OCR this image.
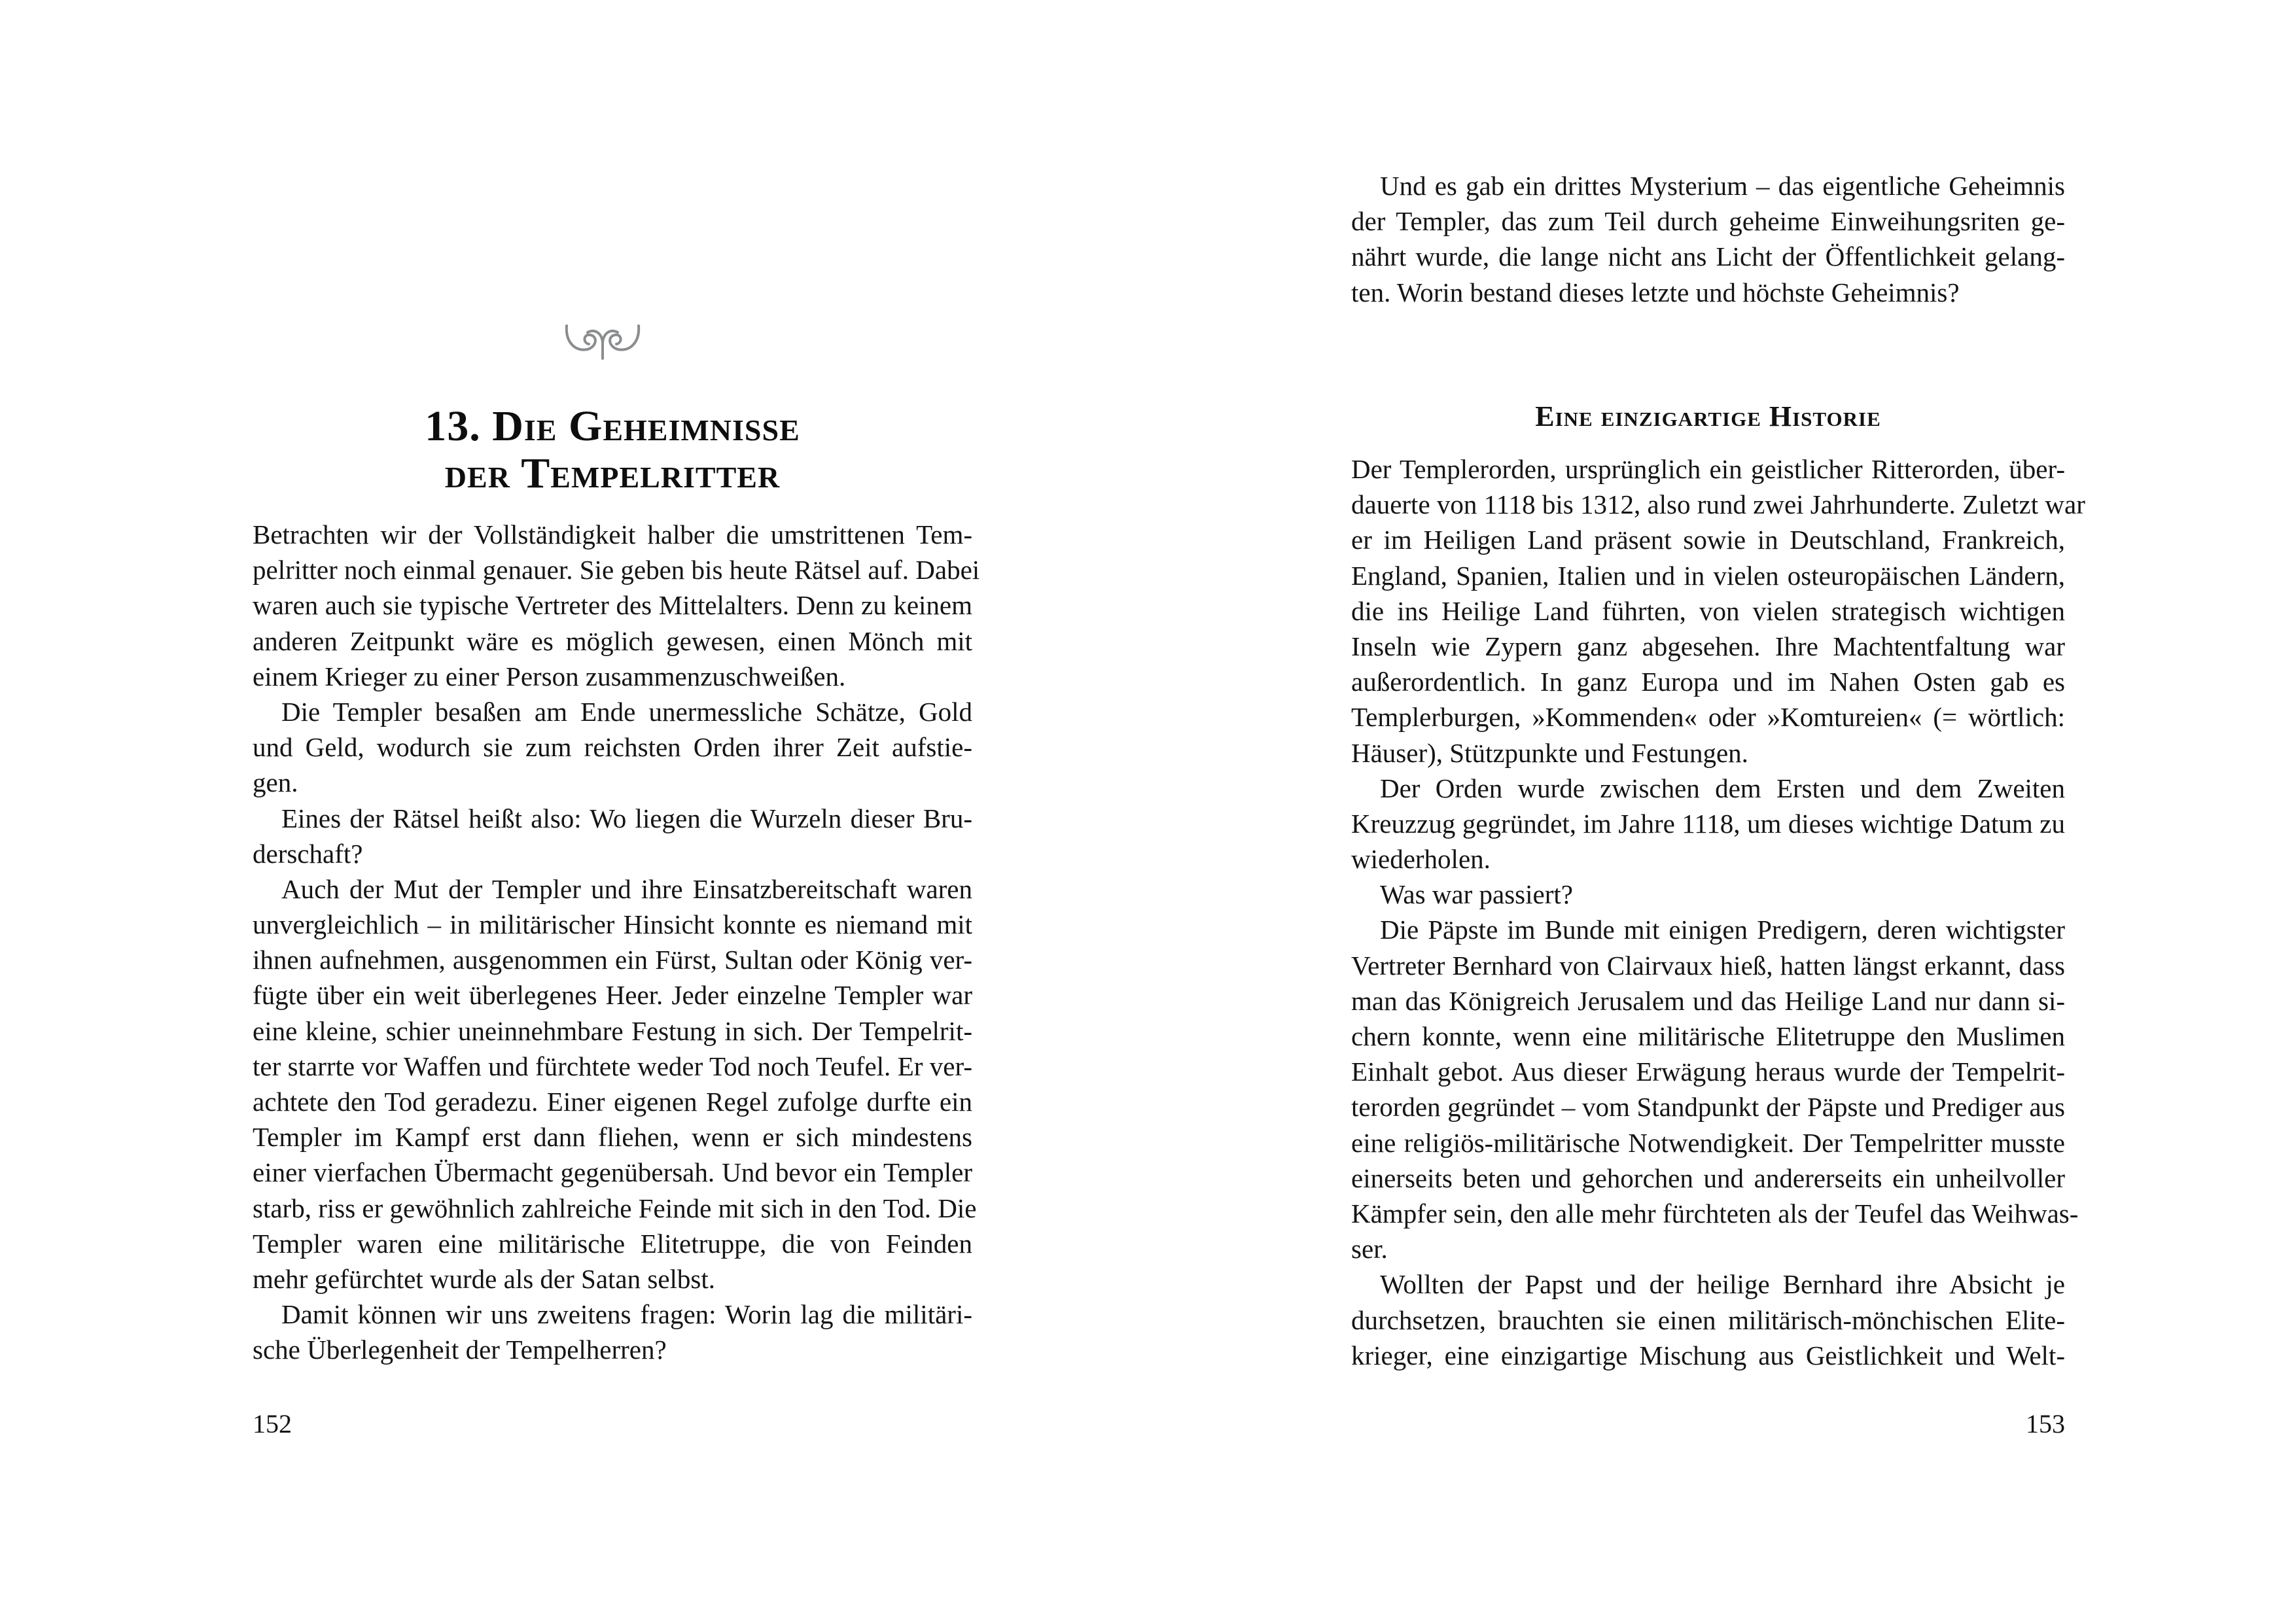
13. Die Geheimnisse
der Tempelritter
Betrachten wir der Vollständigkeit halber die umstrittenen Tem-
pelritter noch einmal genauer. Sie geben bis heute Rätsel auf. Dabei
waren auch sie typische Vertreter des Mittelalters. Denn zu keinem
anderen Zeitpunkt wäre es möglich gewesen, einen Mönch mit
einem Krieger zu einer Person zusammenzuschweißen.
Die Templer besaßen am Ende unermessliche Schätze, Gold
und Geld, wodurch sie zum reichsten Orden ihrer Zeit aufstie-
gen.
Eines der Rätsel heißt also: Wo liegen die Wurzeln dieser Bru-
derschaft?
Auch der Mut der Templer und ihre Einsatzbereitschaft waren
unvergleichlich – in militärischer Hinsicht konnte es niemand mit
ihnen aufnehmen, ausgenommen ein Fürst, Sultan oder König ver-
fügte über ein weit überlegenes Heer. Jeder einzelne Templer war
eine kleine, schier uneinnehmbare Festung in sich. Der Tempelrit-
ter starrte vor Waffen und fürchtete weder Tod noch Teufel. Er ver-
achtete den Tod geradezu. Einer eigenen Regel zufolge durfte ein
Templer im Kampf erst dann fliehen, wenn er sich mindestens
einer vierfachen Übermacht gegenübersah. Und bevor ein Templer
starb, riss er gewöhnlich zahlreiche Feinde mit sich in den Tod. Die
Templer waren eine militärische Elitetruppe, die von Feinden
mehr gefürchtet wurde als der Satan selbst.
Damit können wir uns zweitens fragen: Worin lag die militäri-
sche Überlegenheit der Tempelherren?
152
Und es gab ein drittes Mysterium – das eigentliche Geheimnis
der Templer, das zum Teil durch geheime Einweihungsriten ge-
nährt wurde, die lange nicht ans Licht der Öffentlichkeit gelang-
ten. Worin bestand dieses letzte und höchste Geheimnis?
Eine einzigartige Historie
Der Templerorden, ursprünglich ein geistlicher Ritterorden, über-
dauerte von 1118 bis 1312, also rund zwei Jahrhunderte. Zuletzt war
er im Heiligen Land präsent sowie in Deutschland, Frankreich,
England, Spanien, Italien und in vielen osteuropäischen Ländern,
die ins Heilige Land führten, von vielen strategisch wichtigen
Inseln wie Zypern ganz abgesehen. Ihre Machtentfaltung war
außerordentlich. In ganz Europa und im Nahen Osten gab es
Templerburgen, »Kommenden« oder »Komtureien« (= wörtlich:
Häuser), Stützpunkte und Festungen.
Der Orden wurde zwischen dem Ersten und dem Zweiten
Kreuzzug gegründet, im Jahre 1118, um dieses wichtige Datum zu
wiederholen.
Was war passiert?
Die Päpste im Bunde mit einigen Predigern, deren wichtigster
Vertreter Bernhard von Clairvaux hieß, hatten längst erkannt, dass
man das Königreich Jerusalem und das Heilige Land nur dann si-
chern konnte, wenn eine militärische Elitetruppe den Muslimen
Einhalt gebot. Aus dieser Erwägung heraus wurde der Tempelrit-
terorden gegründet – vom Standpunkt der Päpste und Prediger aus
eine religiös-militärische Notwendigkeit. Der Tempelritter musste
einerseits beten und gehorchen und andererseits ein unheilvoller
Kämpfer sein, den alle mehr fürchteten als der Teufel das Weihwas-
ser.
Wollten der Papst und der heilige Bernhard ihre Absicht je
durchsetzen, brauchten sie einen militärisch-mönchischen Elite-
krieger, eine einzigartige Mischung aus Geistlichkeit und Welt-
153
